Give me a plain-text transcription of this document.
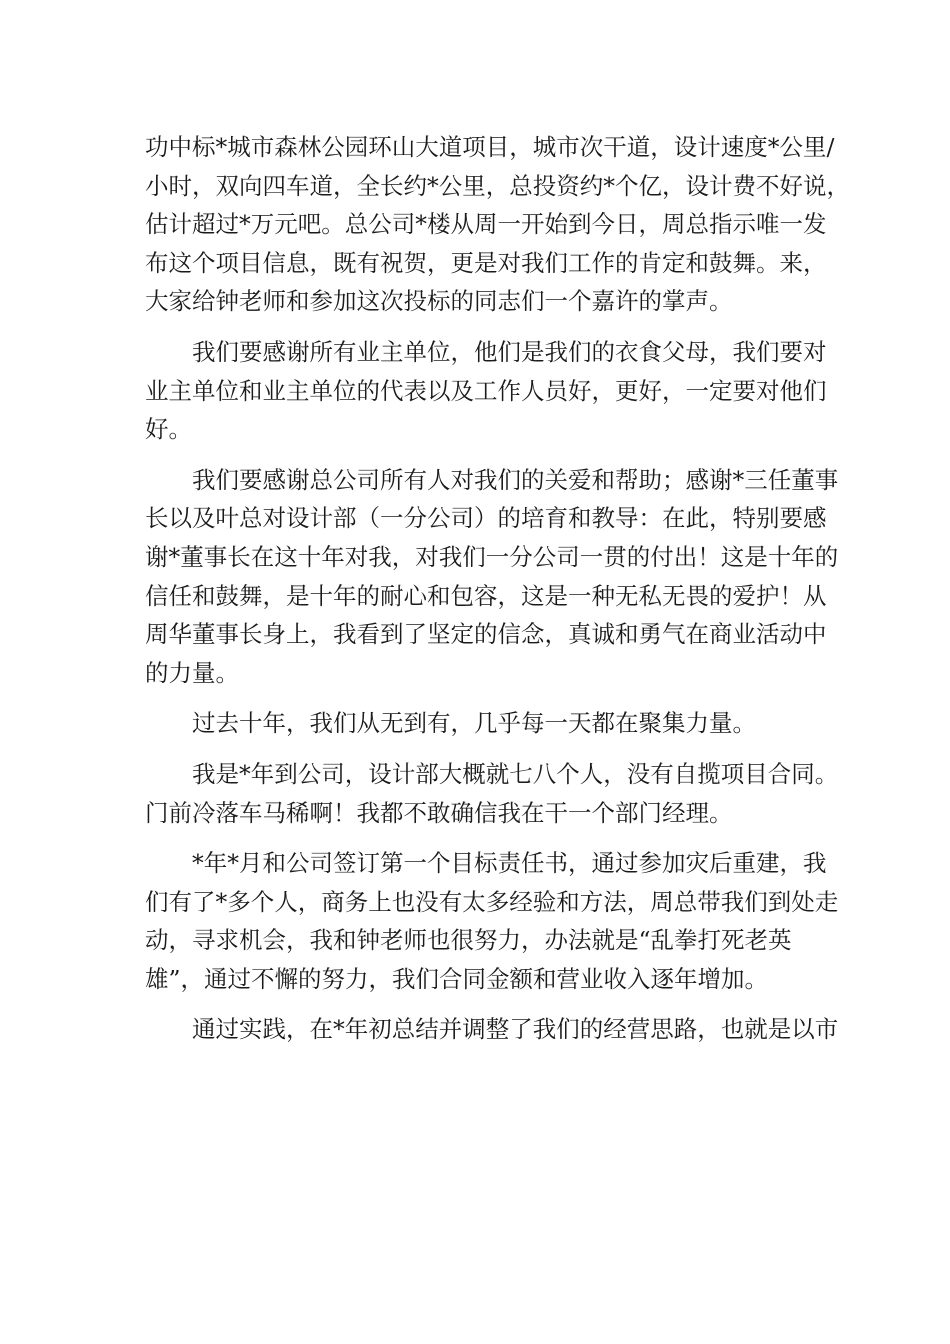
功中标*城市森林公园环山大道项目，城市次干道，设计速度*公里/
小时，双向四车道，全长约*公里，总投资约*个亿，设计费不好说，
估计超过*万元吧。总公司*楼从周一开始到今日，周总指示唯一发
布这个项目信息，既有祝贺，更是对我们工作的肯定和鼓舞。来，
大家给钟老师和参加这次投标的同志们一个嘉许的掌声。
我们要感谢所有业主单位，他们是我们的衣食父母，我们要对
业主单位和业主单位的代表以及工作人员好，更好，一定要对他们
好。
我们要感谢总公司所有人对我们的关爱和帮助；感谢*三任董事
长以及叶总对设计部（一分公司）的培育和教导：在此，特别要感
谢*董事长在这十年对我，对我们一分公司一贯的付出！这是十年的
信任和鼓舞，是十年的耐心和包容，这是一种无私无畏的爱护！从
周华董事长身上，我看到了坚定的信念，真诚和勇气在商业活动中
的力量。
过去十年，我们从无到有，几乎每一天都在聚集力量。
我是*年到公司，设计部大概就七八个人，没有自揽项目合同。
门前冷落车马稀啊！我都不敢确信我在干一个部门经理。
*年*月和公司签订第一个目标责任书，通过参加灾后重建，我
们有了*多个人，商务上也没有太多经验和方法，周总带我们到处走
动，寻求机会，我和钟老师也很努力，办法就是“乱拳打死老英
雄”，通过不懈的努力，我们合同金额和营业收入逐年增加。
通过实践，在*年初总结并调整了我们的经营思路，也就是以市
